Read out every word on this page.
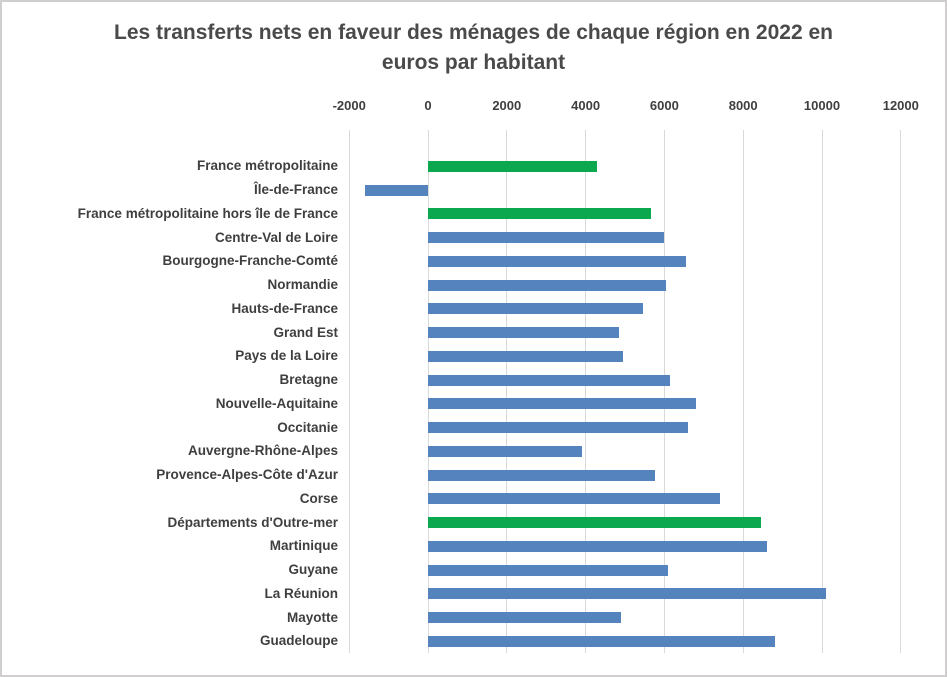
Les transferts nets en faveur des ménages de chaque région en 2022 en euros par habitant
-2000	0	2000	4000	6000	8000	10000	12000
France métropolitaine
Île-de-France
France métropolitaine hors île de France
Centre-Val de Loire
Bourgogne-Franche-Comté
Normandie
Hauts-de-France
Grand Est
Pays de la Loire
Bretagne
Nouvelle-Aquitaine
Occitanie
Auvergne-Rhône-Alpes
Provence-Alpes-Côte d'Azur
Corse
Départements d'Outre-mer
Martinique
Guyane
La Réunion
Mayotte
Guadeloupe
